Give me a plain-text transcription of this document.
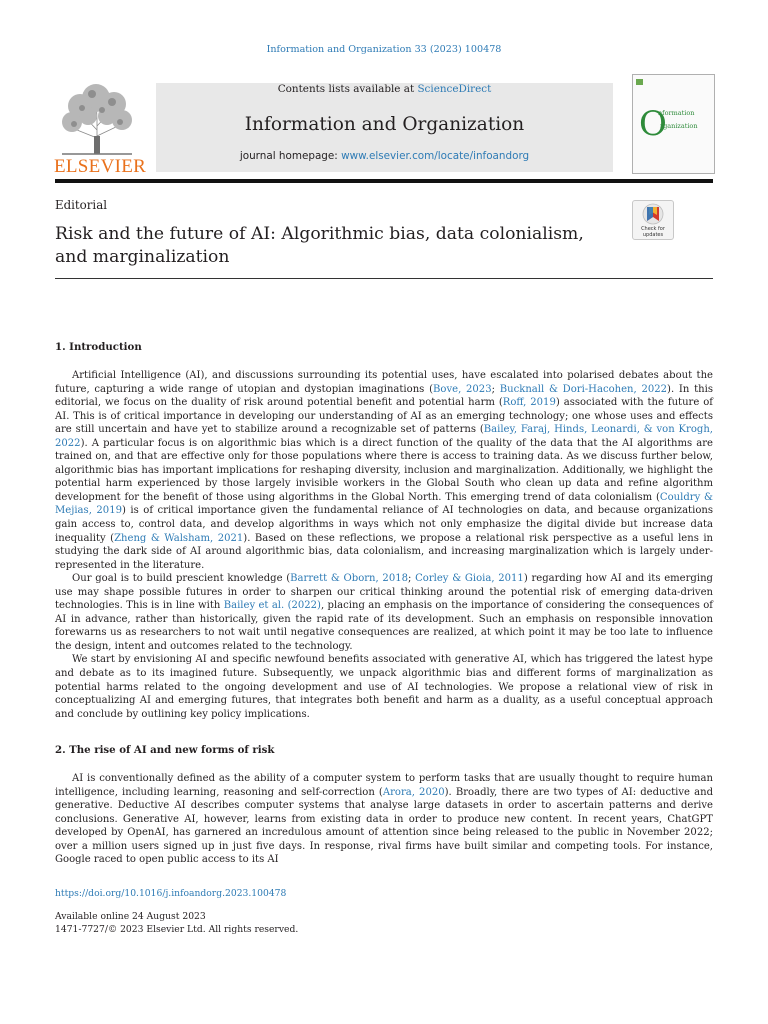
Information and Organization 33 (2023) 100478
ELSEVIER
Contents lists available at ScienceDirect
Information and Organization
journal homepage: www.elsevier.com/locate/infoandorg
O
nformation
rganization
Editorial
Risk and the future of AI: Algorithmic bias, data colonialism,
and marginalization
Check for
updates
1. Introduction

Artificial Intelligence (AI), and discussions surrounding its potential uses, have escalated into polarised debates about the future, capturing a wide range of utopian and dystopian imaginations (Bove, 2023; Bucknall & Dori-Hacohen, 2022). In this editorial, we focus on the duality of risk around potential benefit and potential harm (Roff, 2019) associated with the future of AI. This is of critical importance in developing our understanding of AI as an emerging technology; one whose uses and effects are still uncertain and have yet to stabilize around a recognizable set of patterns (Bailey, Faraj, Hinds, Leonardi, & von Krogh, 2022). A particular focus is on algorithmic bias which is a direct function of the quality of the data that the AI algorithms are trained on, and that are effective only for those populations where there is access to training data. As we discuss further below, algorithmic bias has important implications for reshaping diversity, inclusion and marginalization. Additionally, we highlight the potential harm experienced by those largely invisible workers in the Global South who clean up data and refine algorithm development for the benefit of those using algorithms in the Global North. This emerging trend of data colonialism (Couldry & Mejias, 2019) is of critical importance given the fundamental reliance of AI technologies on data, and because organizations gain access to, control data, and develop algorithms in ways which not only emphasize the digital divide but increase data inequality (Zheng & Walsham, 2021). Based on these reflections, we propose a relational risk perspective as a useful lens in studying the dark side of AI around algorithmic bias, data colonialism, and increasing marginalization which is largely under-represented in the literature.

Our goal is to build prescient knowledge (Barrett & Oborn, 2018; Corley & Gioia, 2011) regarding how AI and its emerging use may shape possible futures in order to sharpen our critical thinking around the potential risk of emerging data-driven technologies. This is in line with Bailey et al. (2022), placing an emphasis on the importance of considering the consequences of AI in advance, rather than historically, given the rapid rate of its development. Such an emphasis on responsible innovation forewarns us as researchers to not wait until negative consequences are realized, at which point it may be too late to influence the design, intent and outcomes related to the technology.

We start by envisioning AI and specific newfound benefits associated with generative AI, which has triggered the latest hype and debate as to its imagined future. Subsequently, we unpack algorithmic bias and different forms of marginalization as potential harms related to the ongoing development and use of AI technologies. We propose a relational view of risk in conceptualizing AI and emerging futures, that integrates both benefit and harm as a duality, as a useful conceptual approach and conclude by outlining key policy implications.

2. The rise of AI and new forms of risk

AI is conventionally defined as the ability of a computer system to perform tasks that are usually thought to require human intelligence, including learning, reasoning and self-correction (Arora, 2020). Broadly, there are two types of AI: deductive and generative. Deductive AI describes computer systems that analyse large datasets in order to ascertain patterns and derive conclusions. Generative AI, however, learns from existing data in order to produce new content. In recent years, ChatGPT developed by OpenAI, has garnered an incredulous amount of attention since being released to the public in November 2022; over a million users signed up in just five days. In response, rival firms have built similar and competing tools. For instance, Google raced to open public access to its AI

https://doi.org/10.1016/j.infoandorg.2023.100478
Available online 24 August 2023
1471-7727/© 2023 Elsevier Ltd. All rights reserved.
